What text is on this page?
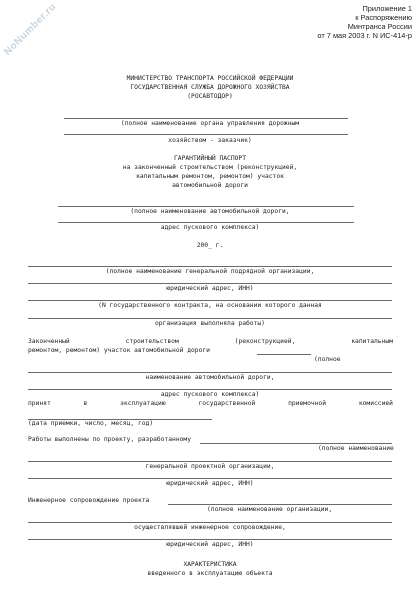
NoNumber.ru	Приложение 1
к Распоряжению
Минтранса России
от 7 мая 2003 г. N ИС-414-р
МИНИСТЕРСТВО ТРАНСПОРТА РОССИЙСКОЙ ФЕДЕРАЦИИ
ГОСУДАРСТВЕННАЯ СЛУЖБА ДОРОЖНОГО ХОЗЯЙСТВА
(РОСАВТОДОР)
(полное наименование органа управления дорожным
хозяйством - заказчик)
ГАРАНТИЙНЫЙ ПАСПОРТ
на законченный строительством (реконструкцией,
капитальным ремонтом, ремонтом) участок
автомобильной дороги
(полное наименование автомобильной дороги,
адрес пускового комплекса)
200_ г.
(полное наименование генеральной подрядной организации,
юридический адрес, ИНН)
(N государственного контракта, на основании которого данная
организация выполняла работы)
Законченный	строительством	(реконструкцией,	капитальным
ремонтом, ремонтом) участок автомобильной дороги
(полное
наименование автомобильной дороги,
адрес пускового комплекса)
принят	в	эксплуатацию	государственной	приемочной	комиссией
(дата приемки, число, месяц, год)
Работы выполнены по проекту, разработанному
(полное наименование
генеральной проектной организации,
юридический адрес, ИНН)
Инженерное сопровождение проекта
(полное наименование организации,
осуществлявшей инженерное сопровождение,
юридический адрес, ИНН)
ХАРАКТЕРИСТИКА
введенного в эксплуатацию объекта
